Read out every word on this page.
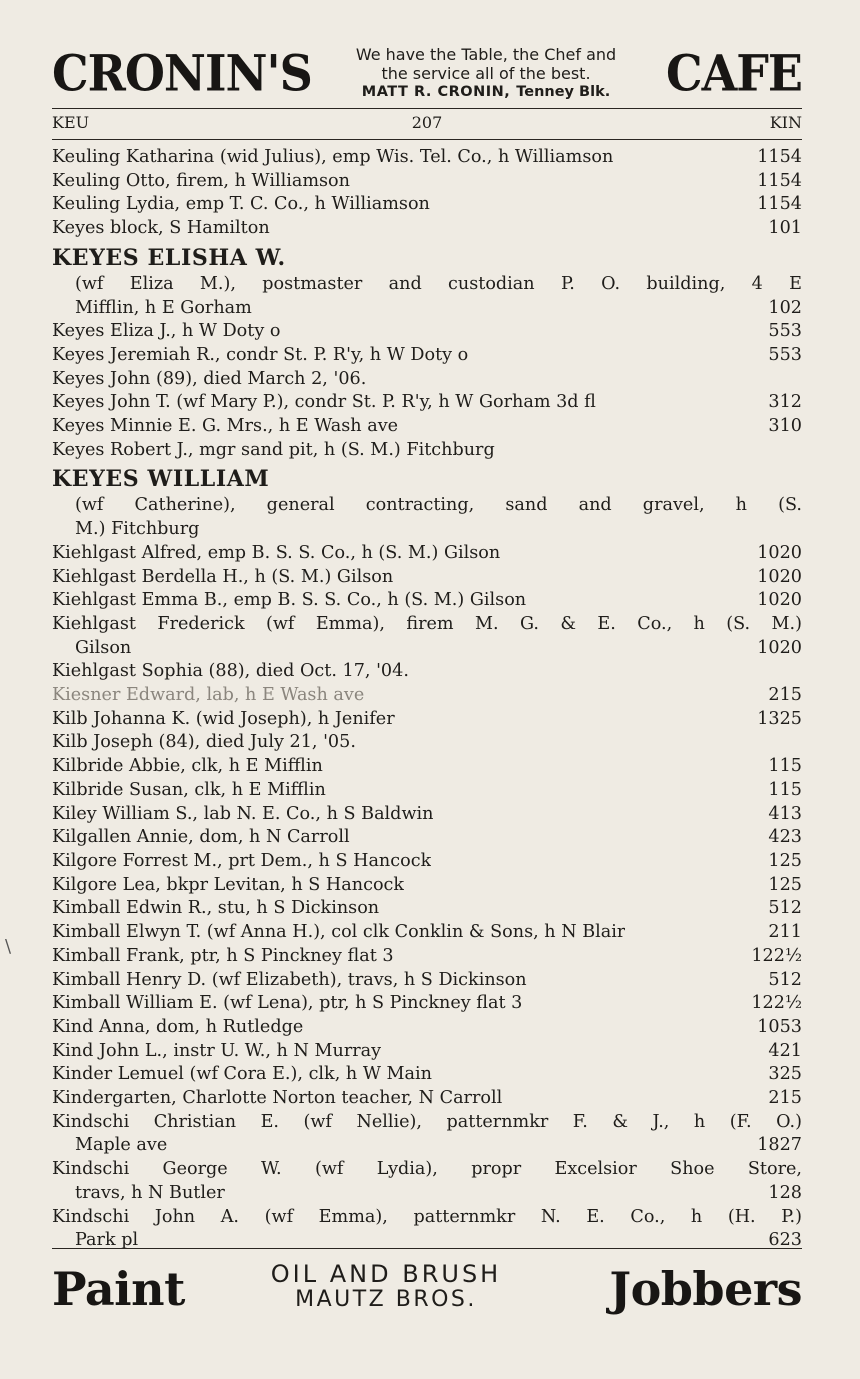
CRONIN'S	We have the Table, the Chef and
the service all of the best.
MATT R. CRONIN, Tenney Blk.	CAFE
KEU	207	KIN
Keuling Katharina (wid Julius), emp Wis. Tel. Co., h Williamson	1154
Keuling Otto, firem, h Williamson	1154
Keuling Lydia, emp T. C. Co., h Williamson	1154
Keyes block, S Hamilton	101
KEYES ELISHA W.
(wf Eliza M.), postmaster and custodian P. O. building, 4 E
Mifflin, h E Gorham	102
Keyes Eliza J., h W Doty o	553
Keyes Jeremiah R., condr St. P. R'y, h W Doty o	553
Keyes John (89), died March 2, '06.
Keyes John T. (wf Mary P.), condr St. P. R'y, h W Gorham 3d fl	312
Keyes Minnie E. G. Mrs., h E Wash ave	310
Keyes Robert J., mgr sand pit, h (S. M.) Fitchburg
KEYES WILLIAM
(wf Catherine), general contracting, sand and gravel, h (S.
M.) Fitchburg
Kiehlgast Alfred, emp B. S. S. Co., h (S. M.) Gilson	1020
Kiehlgast Berdella H., h (S. M.) Gilson	1020
Kiehlgast Emma B., emp B. S. S. Co., h (S. M.) Gilson	1020
Kiehlgast Frederick (wf Emma), firem M. G. & E. Co., h (S. M.)
Gilson	1020
Kiehlgast Sophia (88), died Oct. 17, '04.
Kiesner Edward, lab, h E Wash ave	215
Kilb Johanna K. (wid Joseph), h Jenifer	1325
Kilb Joseph (84), died July 21, '05.
Kilbride Abbie, clk, h E Mifflin	115
Kilbride Susan, clk, h E Mifflin	115
Kiley William S., lab N. E. Co., h S Baldwin	413
Kilgallen Annie, dom, h N Carroll	423
Kilgore Forrest M., prt Dem., h S Hancock	125
Kilgore Lea, bkpr Levitan, h S Hancock	125
Kimball Edwin R., stu, h S Dickinson	512
Kimball Elwyn T. (wf Anna H.), col clk Conklin & Sons, h N Blair	211
Kimball Frank, ptr, h S Pinckney flat 3	122½
Kimball Henry D. (wf Elizabeth), travs, h S Dickinson	512
Kimball William E. (wf Lena), ptr, h S Pinckney flat 3	122½
Kind Anna, dom, h Rutledge	1053
Kind John L., instr U. W., h N Murray	421
Kinder Lemuel (wf Cora E.), clk, h W Main	325
Kindergarten, Charlotte Norton teacher, N Carroll	215
Kindschi Christian E. (wf Nellie), patternmkr F. & J., h (F. O.)
Maple ave	1827
Kindschi George W. (wf Lydia), propr Excelsior Shoe Store,
travs, h N Butler	128
Kindschi John A. (wf Emma), patternmkr N. E. Co., h (H. P.)
Park pl	623
\
Paint	OIL AND BRUSH
MAUTZ BROS.	Jobbers
